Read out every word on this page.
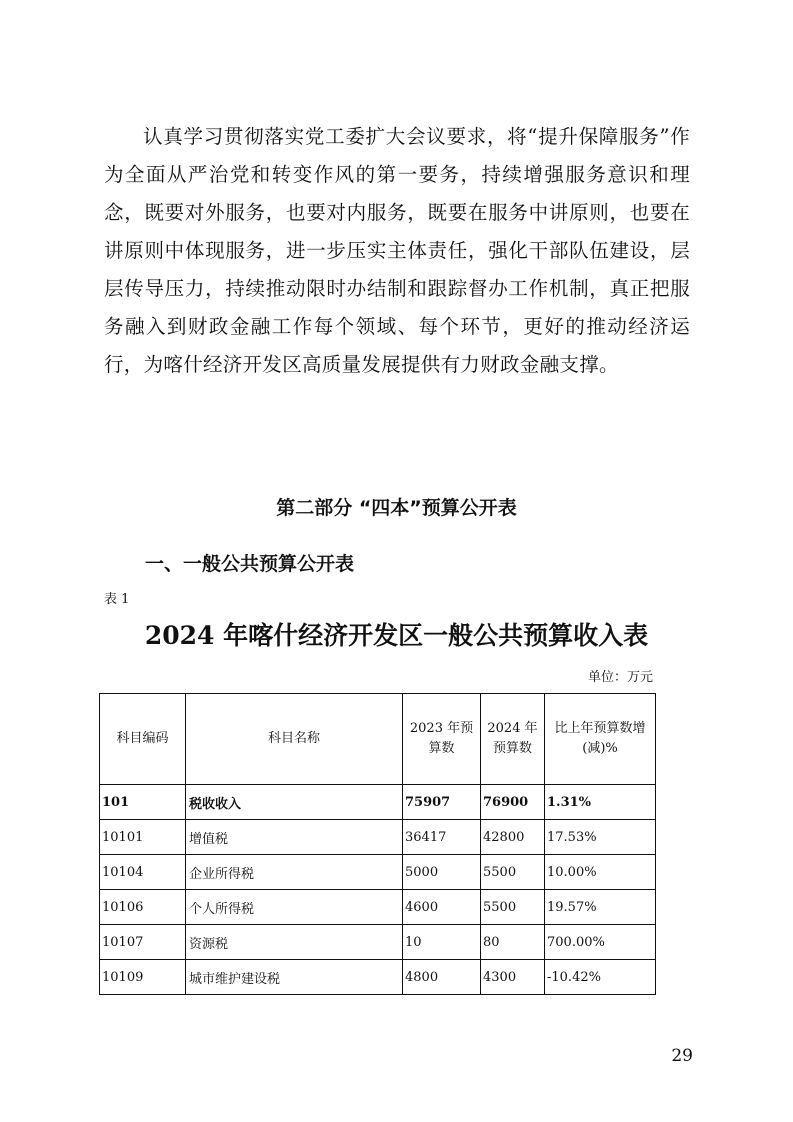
认真学习贯彻落实党工委扩大会议要求，将“提升保障服务”作为全面从严治党和转变作风的第一要务，持续增强服务意识和理念，既要对外服务，也要对内服务，既要在服务中讲原则，也要在讲原则中体现服务，进一步压实主体责任，强化干部队伍建设，层层传导压力，持续推动限时办结制和跟踪督办工作机制，真正把服务融入到财政金融工作每个领域、每个环节，更好的推动经济运行，为喀什经济开发区高质量发展提供有力财政金融支撑。

第二部分 “四本”预算公开表
一、一般公共预算公开表
表 1
2024 年喀什经济开发区一般公共预算收入表
单位：万元
科目编码	科目名称	2023 年预算数	2024 年预算数	比上年预算数增(减)%
101	税收收入	75907	76900	1.31%
10101	增值税	36417	42800	17.53%
10104	企业所得税	5000	5500	10.00%
10106	个人所得税	4600	5500	19.57%
10107	资源税	10	80	700.00%
10109	城市维护建设税	4800	4300	-10.42%
29
